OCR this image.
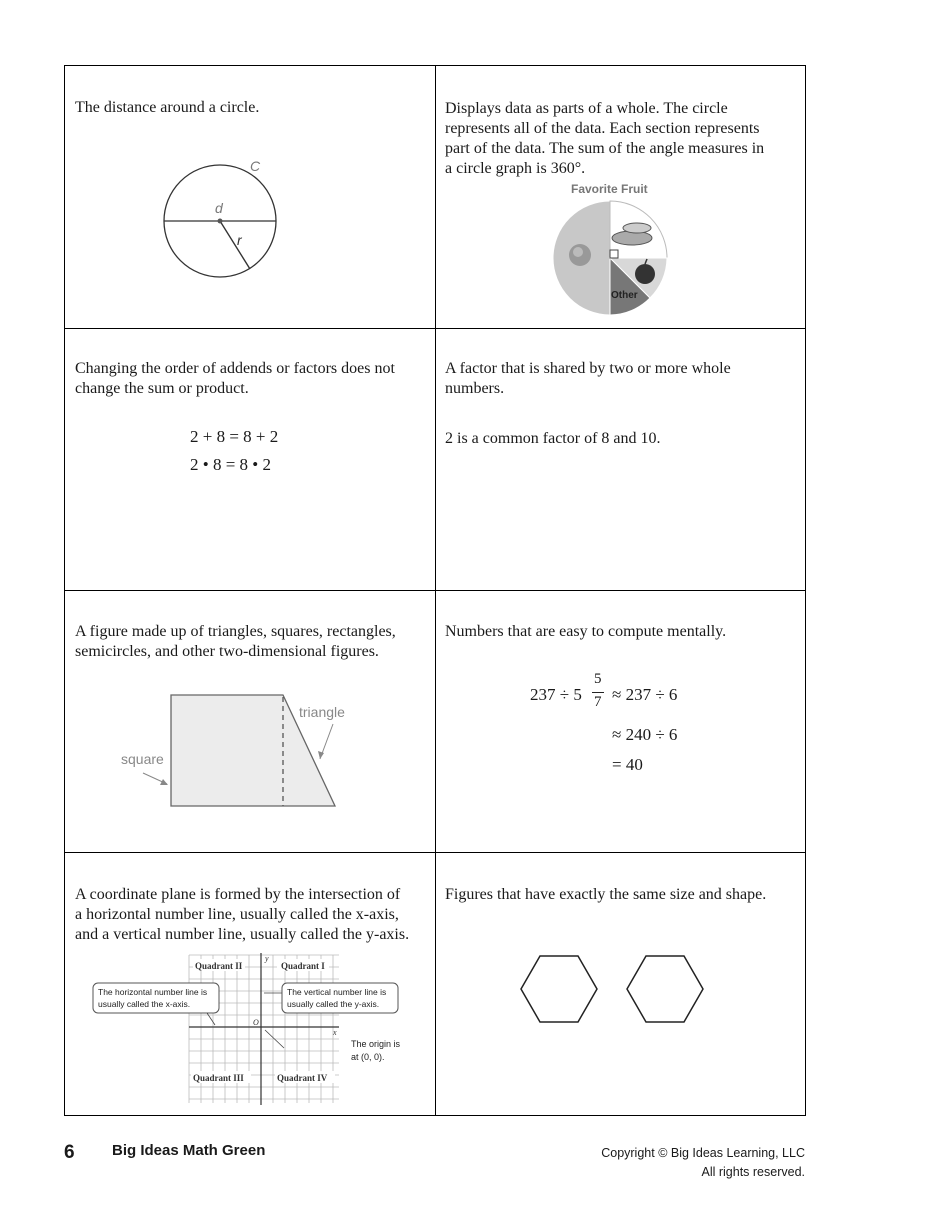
The distance around a circle.
C
d
r
Displays data as parts of a whole. The circle
represents all of the data. Each section represents
part of the data. The sum of the angle measures in
a circle graph is 360°.
Favorite Fruit
Other
Changing the order of addends or factors does not
change the sum or product.
2 + 8 = 8 + 2
2 • 8 = 8 • 2
A factor that is shared by two or more whole
numbers.
2 is a common factor of 8 and 10.
A figure made up of triangles, squares, rectangles,
semicircles, and other two-dimensional figures.
triangle
square
Numbers that are easy to compute mentally.
237 ÷ 5
5
7 ≈ 237 ÷ 6
≈ 240 ÷ 6
= 40
A coordinate plane is formed by the intersection of
a horizontal number line, usually called the x-axis,
and a vertical number line, usually called the y-axis.
y
x
O
Quadrant II	Quadrant I
Quadrant III	Quadrant IV
The horizontal number line is
usually called the x-axis.
The vertical number line is
usually called the y-axis.
The origin is
at (0, 0).
Figures that have exactly the same size and shape.
6 Big Ideas Math Green	Copyright © Big Ideas Learning, LLC
All rights reserved.
